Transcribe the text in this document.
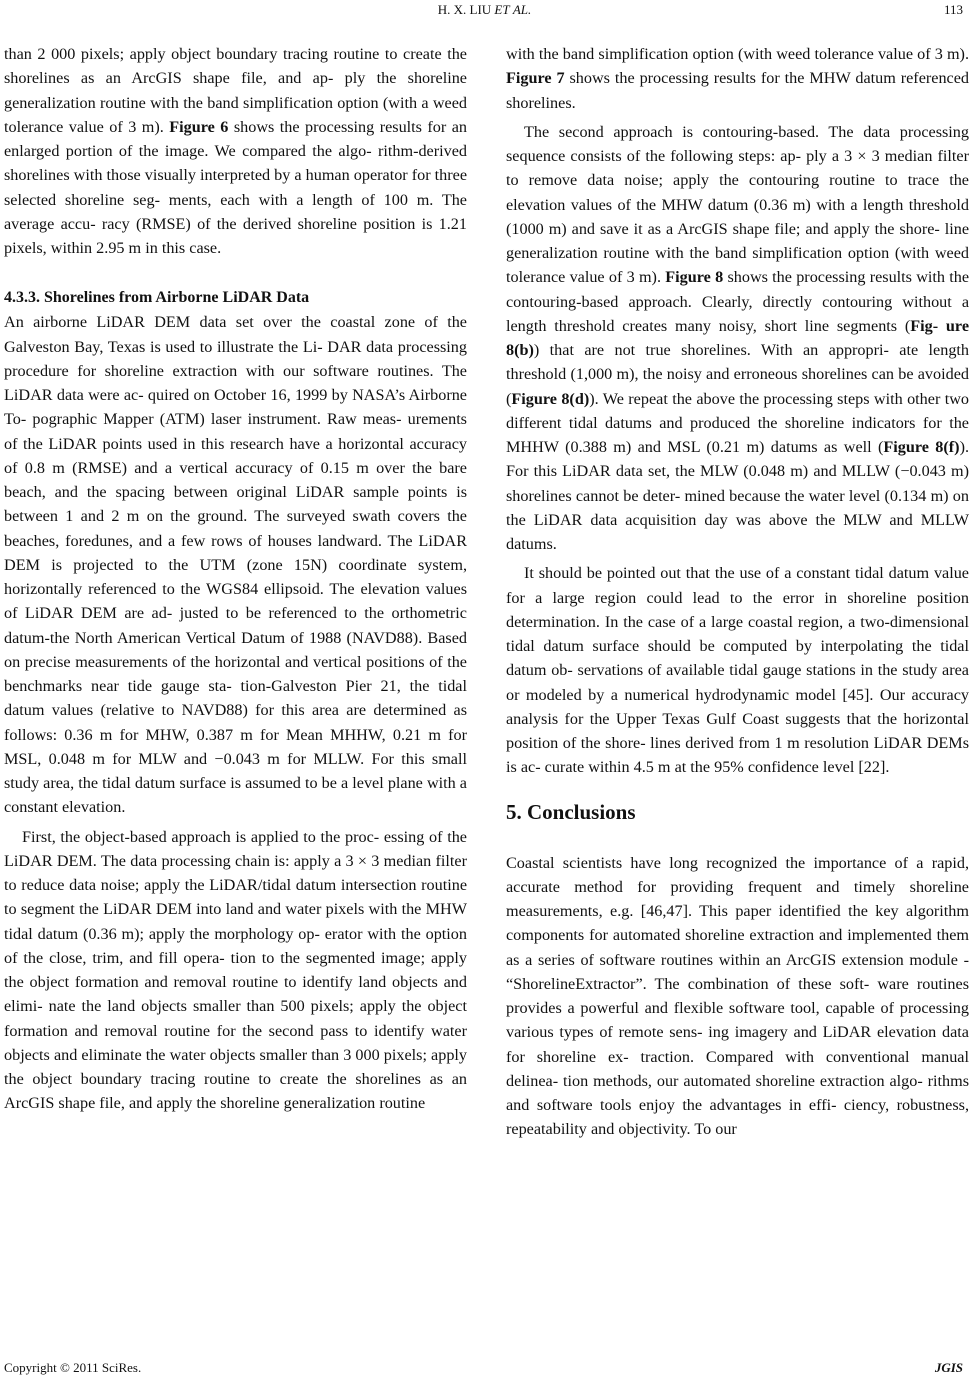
H. X. LIU ET AL.	113

than 2 000 pixels; apply object boundary tracing routine to create the shorelines as an ArcGIS shape file, and ap- ply the shoreline generalization routine with the band simplification option (with a weed tolerance value of 3 m). Figure 6 shows the processing results for an enlarged portion of the image. We compared the algo- rithm-derived shorelines with those visually interpreted by a human operator for three selected shoreline seg- ments, each with a length of 100 m. The average accu- racy (RMSE) of the derived shoreline position is 1.21 pixels, within 2.95 m in this case.

4.3.3. Shorelines from Airborne LiDAR Data

An airborne LiDAR DEM data set over the coastal zone of the Galveston Bay, Texas is used to illustrate the Li- DAR data processing procedure for shoreline extraction with our software routines. The LiDAR data were ac- quired on October 16, 1999 by NASA’s Airborne To- pographic Mapper (ATM) laser instrument. Raw meas- urements of the LiDAR points used in this research have a horizontal accuracy of 0.8 m (RMSE) and a vertical accuracy of 0.15 m over the bare beach, and the spacing between original LiDAR sample points is between 1 and 2 m on the ground. The surveyed swath covers the beaches, foredunes, and a few rows of houses landward. The LiDAR DEM is projected to the UTM (zone 15N) coordinate system, horizontally referenced to the WGS84 ellipsoid. The elevation values of LiDAR DEM are ad- justed to be referenced to the orthometric datum-the North American Vertical Datum of 1988 (NAVD88). Based on precise measurements of the horizontal and vertical positions of the benchmarks near tide gauge sta- tion-Galveston Pier 21, the tidal datum values (relative to NAVD88) for this area are determined as follows: 0.36 m for MHW, 0.387 m for Mean MHHW, 0.21 m for MSL, 0.048 m for MLW and −0.043 m for MLLW. For this small study area, the tidal datum surface is assumed to be a level plane with a constant elevation.

First, the object-based approach is applied to the proc- essing of the LiDAR DEM. The data processing chain is: apply a 3 × 3 median filter to reduce data noise; apply the LiDAR/tidal datum intersection routine to segment the LiDAR DEM into land and water pixels with the MHW tidal datum (0.36 m); apply the morphology op- erator with the option of the close, trim, and fill opera- tion to the segmented image; apply the object formation and removal routine to identify land objects and elimi- nate the land objects smaller than 500 pixels; apply the object formation and removal routine for the second pass to identify water objects and eliminate the water objects smaller than 3 000 pixels; apply the object boundary tracing routine to create the shorelines as an ArcGIS shape file, and apply the shoreline generalization routine

with the band simplification option (with weed tolerance value of 3 m). Figure 7 shows the processing results for the MHW datum referenced shorelines.

The second approach is contouring-based. The data processing sequence consists of the following steps: ap- ply a 3 × 3 median filter to remove data noise; apply the contouring routine to trace the elevation values of the MHW datum (0.36 m) with a length threshold (1000 m) and save it as a ArcGIS shape file; and apply the shore- line generalization routine with the band simplification option (with weed tolerance value of 3 m). Figure 8 shows the processing results with the contouring-based approach. Clearly, directly contouring without a length threshold creates many noisy, short line segments (Fig- ure 8(b)) that are not true shorelines. With an appropri- ate length threshold (1,000 m), the noisy and erroneous shorelines can be avoided (Figure 8(d)). We repeat the above the processing steps with other two different tidal datums and produced the shoreline indicators for the MHHW (0.388 m) and MSL (0.21 m) datums as well (Figure 8(f)). For this LiDAR data set, the MLW (0.048 m) and MLLW (−0.043 m) shorelines cannot be deter- mined because the water level (0.134 m) on the LiDAR data acquisition day was above the MLW and MLLW datums.

It should be pointed out that the use of a constant tidal datum value for a large region could lead to the error in shoreline position determination. In the case of a large coastal region, a two-dimensional tidal datum surface should be computed by interpolating the tidal datum ob- servations of available tidal gauge stations in the study area or modeled by a numerical hydrodynamic model [45]. Our accuracy analysis for the Upper Texas Gulf Coast suggests that the horizontal position of the shore- lines derived from 1 m resolution LiDAR DEMs is ac- curate within 4.5 m at the 95% confidence level [22].

5. Conclusions

Coastal scientists have long recognized the importance of a rapid, accurate method for providing frequent and timely shoreline measurements, e.g. [46,47]. This paper identified the key algorithm components for automated shoreline extraction and implemented them as a series of software routines within an ArcGIS extension module - “ShorelineExtractor”. The combination of these soft- ware routines provides a powerful and flexible software tool, capable of processing various types of remote sens- ing imagery and LiDAR elevation data for shoreline ex- traction. Compared with conventional manual delinea- tion methods, our automated shoreline extraction algo- rithms and software tools enjoy the advantages in effi- ciency, robustness, repeatability and objectivity. To our

Copyright © 2011 SciRes.	JGIS
